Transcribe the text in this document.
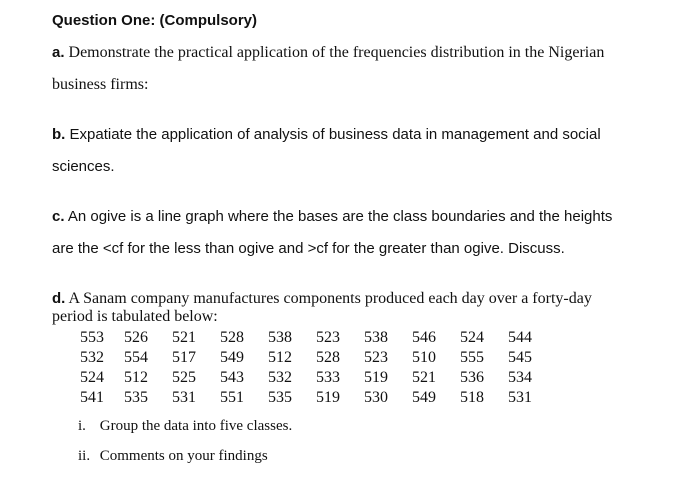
Question One: (Compulsory)
a. Demonstrate the practical application of the frequencies distribution in the Nigerian
business firms:
b. Expatiate the application of analysis of business data in management and social
sciences.
c. An ogive is a line graph where the bases are the class boundaries and the heights
are the <cf for the less than ogive and >cf for the greater than ogive. Discuss.
d. A Sanam company manufactures components produced each day over a forty-day
period is tabulated below:
553	526	521	528	538	523	538	546	524	544
532	554	517	549	512	528	523	510	555	545
524	512	525	543	532	533	519	521	536	534
541	535	531	551	535	519	530	549	518	531
i. Group the data into five classes.
ii. Comments on your findings
